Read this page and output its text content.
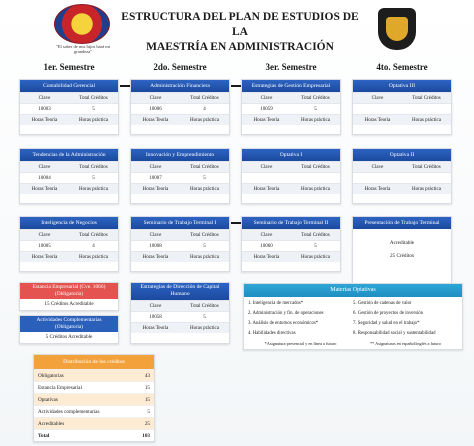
"El saber de mis hijos hará mi grandeza"
ESTRUCTURA DEL PLAN DE ESTUDIOS DE LA
MAESTRÍA EN ADMINISTRACIÓN
1er. Semestre	2do. Semestre	3er. Semestre	4to. Semestre
Contabilidad Gerencial
Clave	Total Créditos
10003	5
Horas Teoría	Horas práctica
Administración Financiera
Clave	Total Créditos
10006	4
Horas Teoría	Horas práctica
Estrategias de Gestión Empresarial
Clave	Total Créditos
10059	5
Horas Teoría	Horas práctica
Optativa III
Clave	Total Créditos
Horas Teoría	Horas práctica
Tendencias de la Administración
Clave	Total Créditos
10004	5
Horas Teoría	Horas práctica
Innovación y Emprendimiento
Clave	Total Créditos
10007	5
Horas Teoría	Horas práctica
Optativa I
Clave	Total Créditos
Horas Teoría	Horas práctica
Optativa II
Clave	Total Créditos
Horas Teoría	Horas práctica
Inteligencia de Negocios
Clave	Total Créditos
10005	4
Horas Teoría	Horas práctica
Seminario de Trabajo Terminal I
Clave	Total Créditos
10008	5
Horas Teoría	Horas práctica
Seminario de Trabajo Terminal II
Clave	Total Créditos
10060	5
Horas Teoría	Horas práctica
Presentación de Trabajo Terminal
Acreditable
25 Créditos
Estancia Empresarial (Cve. 1066) (Obligatoria)
15 Créditos Acreditable
Actividades Complementarias (Obligatoria)
5 Créditos Acreditable
Estrategias de Dirección de Capital Humano
Clave	Total Créditos
10058	5
Horas Teoría	Horas práctica
Materias Optativas
1. Inteligencia de mercados*	5. Gestión de cadenas de valor
2. Administración y fin. de operaciones	6. Gestión de proyectos de inversión
3. Análisis de entornos económicos*	7. Seguridad y salud en el trabajo*
4. Habilidades directivas	8. Responsabilidad social y sustentabilidad
*Asignatura presencial y en línea a futuro	** Asignaturas en español/inglés a futuro
Distribución de los créditos
Obligatorias	43
Estancia Empresarial	15
Optativas	15
Actividades complementarias	5
Acreditables	25
Total	103
